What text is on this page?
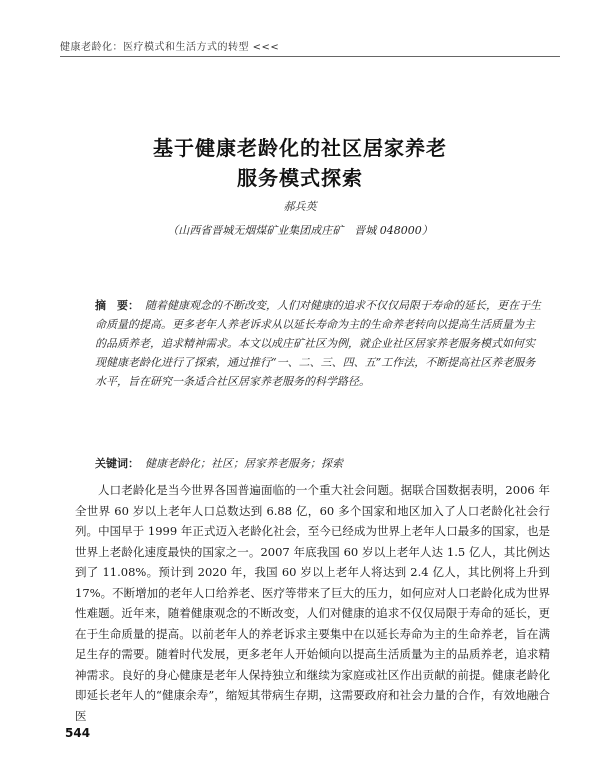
健康老龄化：医疗模式和生活方式的转型 <<<
基于健康老龄化的社区居家养老
服务模式探索
郝兵英
（山西省晋城无烟煤矿业集团成庄矿　晋城 048000）
摘　要： 随着健康观念的不断改变，人们对健康的追求不仅仅局限于寿命的延长，更在于生命质量的提高。更多老年人养老诉求从以延长寿命为主的生命养老转向以提高生活质量为主的品质养老，追求精神需求。本文以成庄矿社区为例，就企业社区居家养老服务模式如何实现健康老龄化进行了探索，通过推行“一、二、三、四、五”工作法，不断提高社区养老服务水平，旨在研究一条适合社区居家养老服务的科学路径。
关键词： 健康老龄化；社区；居家养老服务；探索
人口老龄化是当今世界各国普遍面临的一个重大社会问题。据联合国数据表明，2006 年全世界 60 岁以上老年人口总数达到 6.88 亿，60 多个国家和地区加入了人口老龄化社会行列。中国早于 1999 年正式迈入老龄化社会，至今已经成为世界上老年人口最多的国家，也是世界上老龄化速度最快的国家之一。2007 年底我国 60 岁以上老年人达 1.5 亿人，其比例达到了 11.08%。预计到 2020 年，我国 60 岁以上老年人将达到 2.4 亿人，其比例将上升到 17%。不断增加的老年人口给养老、医疗等带来了巨大的压力，如何应对人口老龄化成为世界性难题。近年来，随着健康观念的不断改变，人们对健康的追求不仅仅局限于寿命的延长，更在于生命质量的提高。以前老年人的养老诉求主要集中在以延长寿命为主的生命养老，旨在满足生存的需要。随着时代发展，更多老年人开始倾向以提高生活质量为主的品质养老，追求精神需求。良好的身心健康是老年人保持独立和继续为家庭或社区作出贡献的前提。健康老龄化即延长老年人的“健康余寿”，缩短其带病生存期，这需要政府和社会力量的合作，有效地融合医
544
